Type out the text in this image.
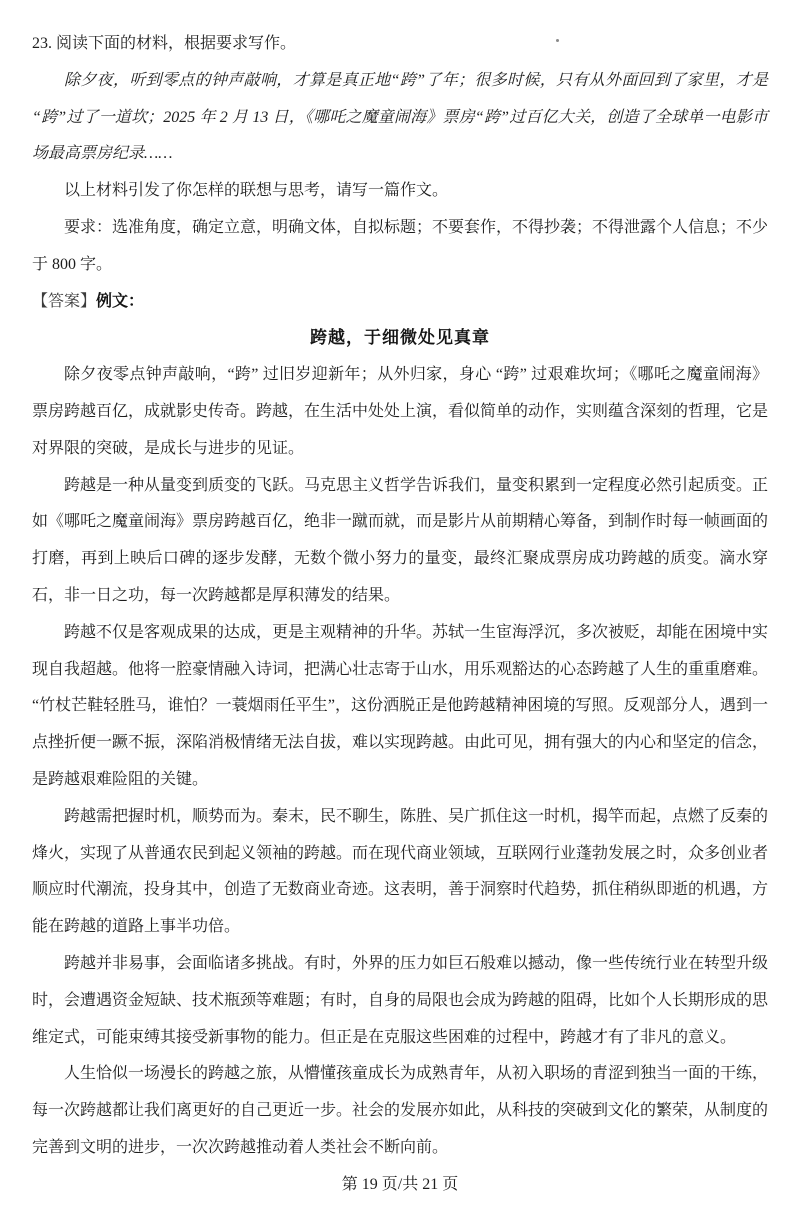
23. 阅读下面的材料，根据要求写作。

除夕夜，听到零点的钟声敲响，才算是真正地“跨”了年；很多时候，只有从外面回到了家里，才是“跨”过了一道坎；2025 年 2 月 13 日，《哪吒之魔童闹海》票房“跨”过百亿大关，创造了全球单一电影市场最高票房纪录……

以上材料引发了你怎样的联想与思考，请写一篇作文。

要求：选准角度，确定立意，明确文体，自拟标题；不要套作，不得抄袭；不得泄露个人信息；不少于 800 字。

【答案】例文：

跨越，于细微处见真章

除夕夜零点钟声敲响，“跨” 过旧岁迎新年；从外归家，身心 “跨” 过艰难坎坷；《哪吒之魔童闹海》票房跨越百亿，成就影史传奇。跨越，在生活中处处上演，看似简单的动作，实则蕴含深刻的哲理，它是对界限的突破，是成长与进步的见证。

跨越是一种从量变到质变的飞跃。马克思主义哲学告诉我们，量变积累到一定程度必然引起质变。正如《哪吒之魔童闹海》票房跨越百亿，绝非一蹴而就，而是影片从前期精心筹备，到制作时每一帧画面的打磨，再到上映后口碑的逐步发酵，无数个微小努力的量变，最终汇聚成票房成功跨越的质变。滴水穿石，非一日之功，每一次跨越都是厚积薄发的结果。

跨越不仅是客观成果的达成，更是主观精神的升华。苏轼一生宦海浮沉，多次被贬，却能在困境中实现自我超越。他将一腔豪情融入诗词，把满心壮志寄于山水，用乐观豁达的心态跨越了人生的重重磨难。“竹杖芒鞋轻胜马，谁怕？一蓑烟雨任平生”，这份洒脱正是他跨越精神困境的写照。反观部分人，遇到一点挫折便一蹶不振，深陷消极情绪无法自拔，难以实现跨越。由此可见，拥有强大的内心和坚定的信念，是跨越艰难险阻的关键。

跨越需把握时机，顺势而为。秦末，民不聊生，陈胜、吴广抓住这一时机，揭竿而起，点燃了反秦的烽火，实现了从普通农民到起义领袖的跨越。而在现代商业领域，互联网行业蓬勃发展之时，众多创业者顺应时代潮流，投身其中，创造了无数商业奇迹。这表明，善于洞察时代趋势，抓住稍纵即逝的机遇，方能在跨越的道路上事半功倍。

跨越并非易事，会面临诸多挑战。有时，外界的压力如巨石般难以撼动，像一些传统行业在转型升级时，会遭遇资金短缺、技术瓶颈等难题；有时，自身的局限也会成为跨越的阻碍，比如个人长期形成的思维定式，可能束缚其接受新事物的能力。但正是在克服这些困难的过程中，跨越才有了非凡的意义。

人生恰似一场漫长的跨越之旅，从懵懂孩童成长为成熟青年，从初入职场的青涩到独当一面的干练，每一次跨越都让我们离更好的自己更近一步。社会的发展亦如此，从科技的突破到文化的繁荣，从制度的完善到文明的进步，一次次跨越推动着人类社会不断向前。

第 19 页/共 21 页
